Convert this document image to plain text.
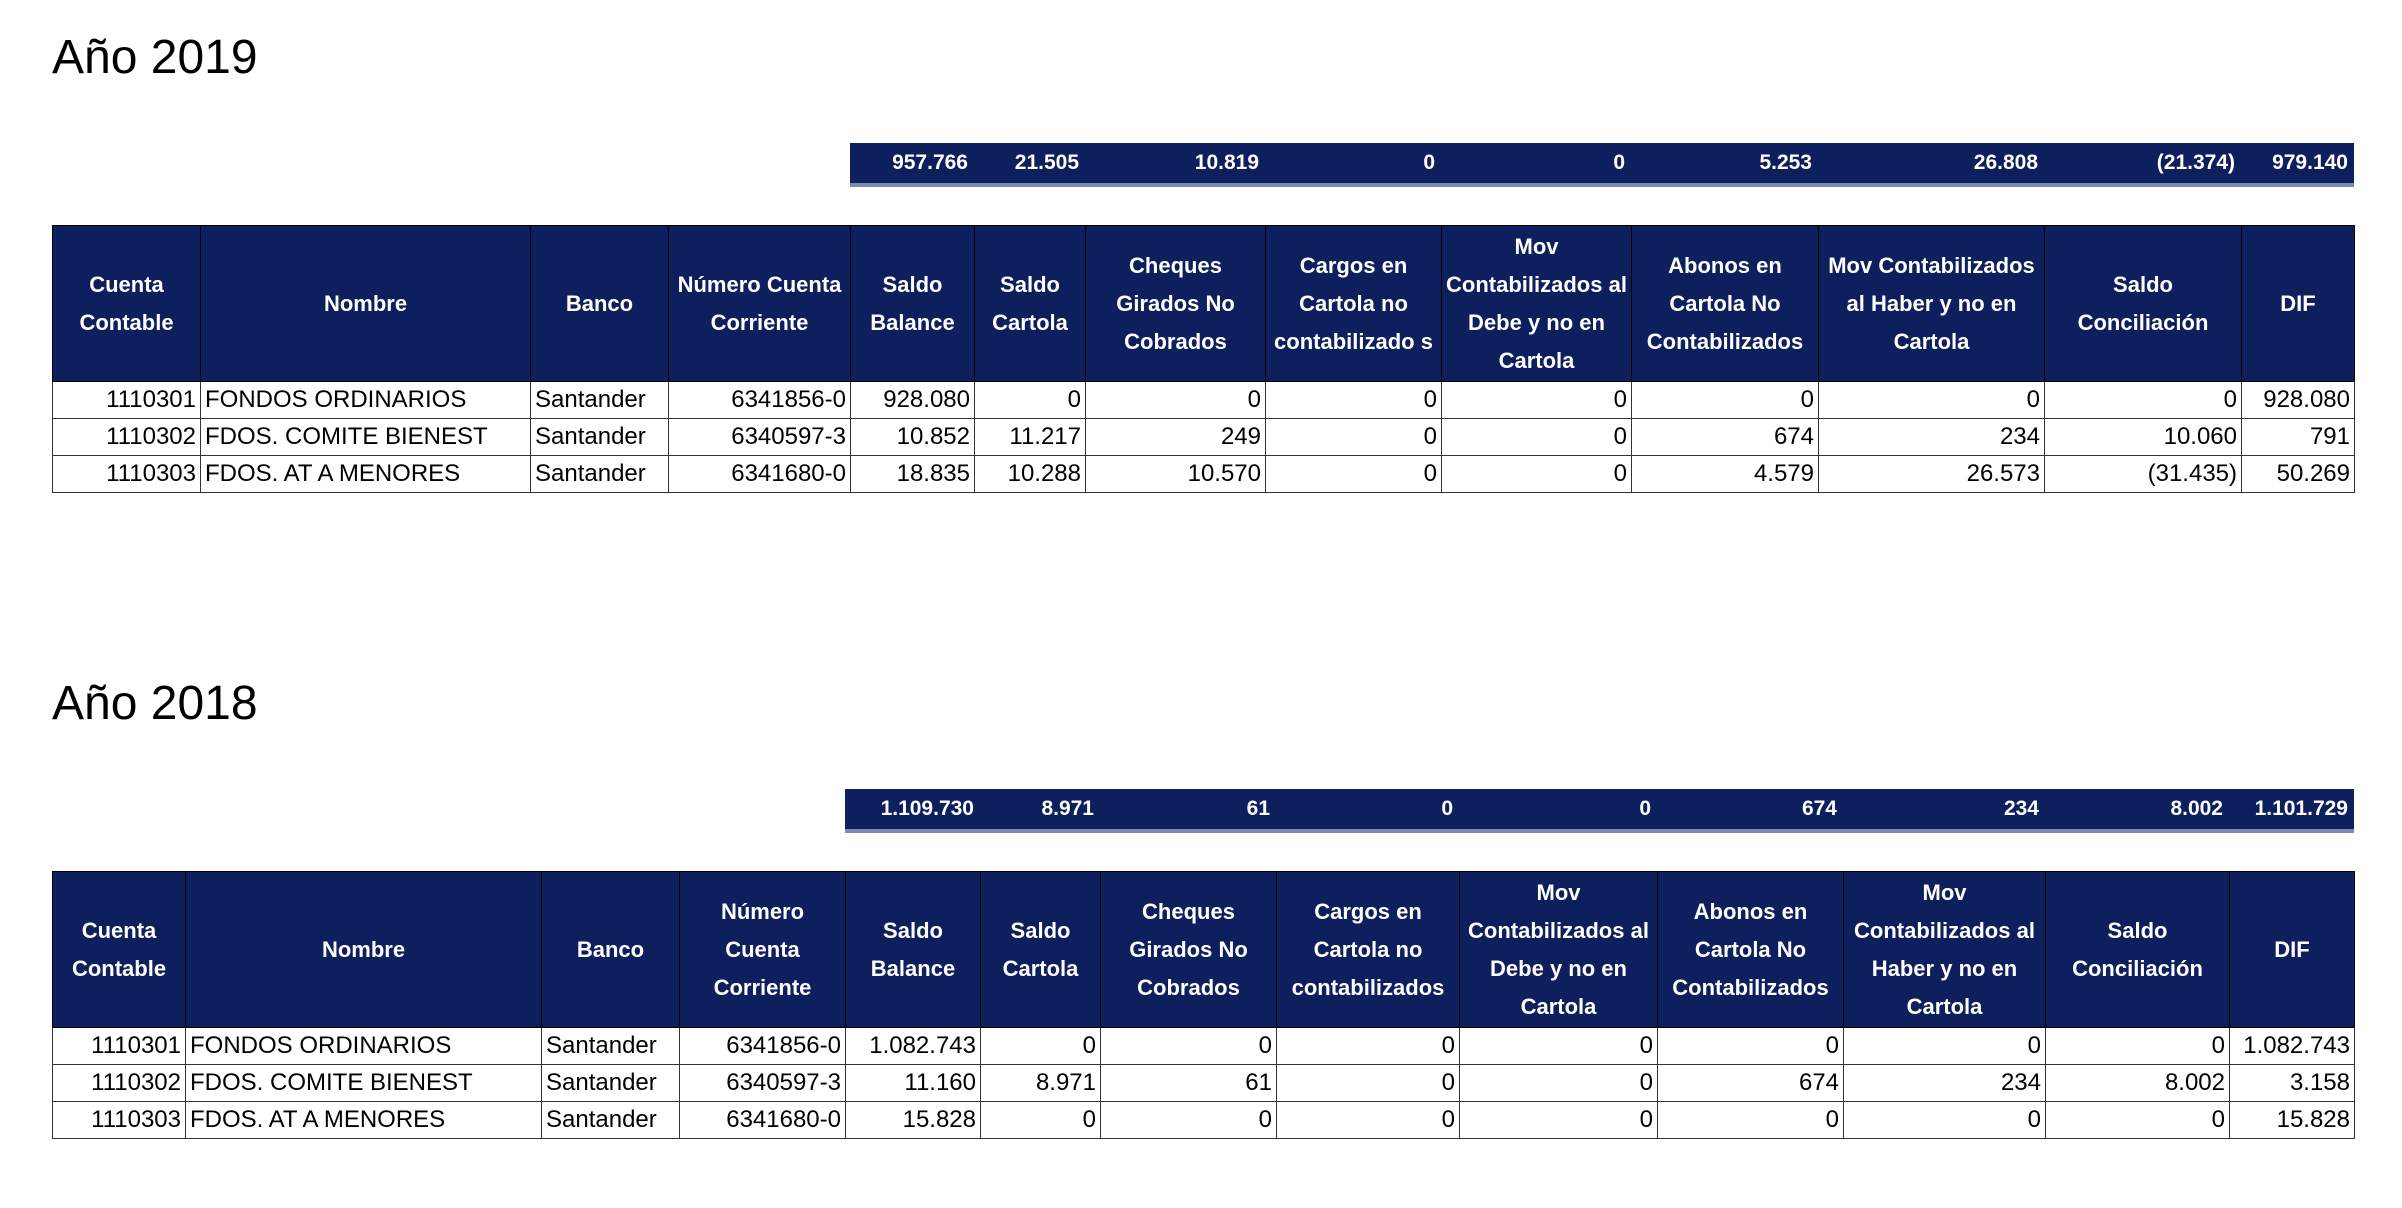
Año 2019
957.766	21.505	10.819	0	0	5.253	26.808	(21.374)	979.140
Cuenta Contable	Nombre	Banco	Número Cuenta Corriente	Saldo Balance	Saldo Cartola	Cheques Girados No Cobrados	Cargos en Cartola no contabilizado s	Mov Contabilizados al Debe y no en Cartola	Abonos en Cartola No Contabilizados	Mov Contabilizados al Haber y no en Cartola	Saldo Conciliación	DIF
1110301	FONDOS ORDINARIOS	Santander	6341856-0	928.080	0	0	0	0	0	0	0	928.080
1110302	FDOS. COMITE BIENEST	Santander	6340597-3	10.852	11.217	249	0	0	674	234	10.060	791
1110303	FDOS. AT A MENORES	Santander	6341680-0	18.835	10.288	10.570	0	0	4.579	26.573	(31.435)	50.269
Año 2018
1.109.730	8.971	61	0	0	674	234	8.002	1.101.729
Cuenta Contable	Nombre	Banco	Número Cuenta Corriente	Saldo Balance	Saldo Cartola	Cheques Girados No Cobrados	Cargos en Cartola no contabilizados	Mov Contabilizados al Debe y no en Cartola	Abonos en Cartola No Contabilizados	Mov Contabilizados al Haber y no en Cartola	Saldo Conciliación	DIF
1110301	FONDOS ORDINARIOS	Santander	6341856-0	1.082.743	0	0	0	0	0	0	0	1.082.743
1110302	FDOS. COMITE BIENEST	Santander	6340597-3	11.160	8.971	61	0	0	674	234	8.002	3.158
1110303	FDOS. AT A MENORES	Santander	6341680-0	15.828	0	0	0	0	0	0	0	15.828
